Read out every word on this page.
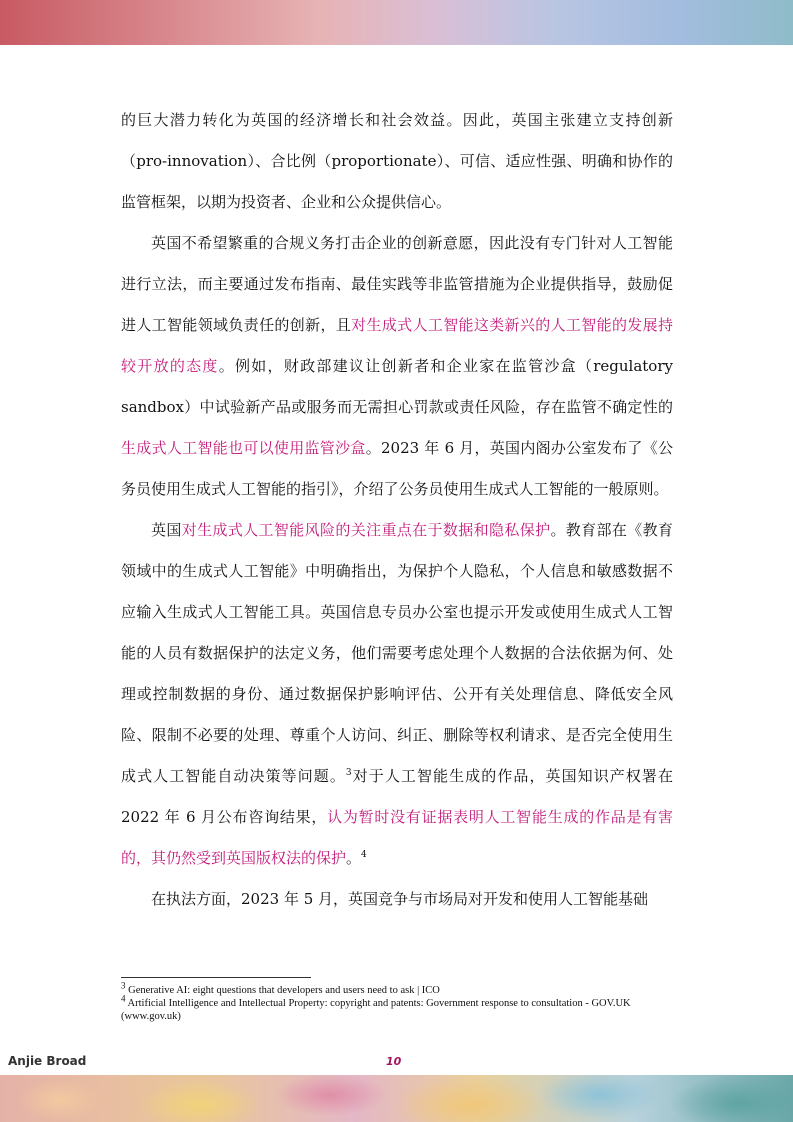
的巨大潜力转化为英国的经济增长和社会效益。因此，英国主张建立支持创新（pro-innovation）、合比例（proportionate）、可信、适应性强、明确和协作的监管框架，以期为投资者、企业和公众提供信心。

英国不希望繁重的合规义务打击企业的创新意愿，因此没有专门针对人工智能进行立法，而主要通过发布指南、最佳实践等非监管措施为企业提供指导，鼓励促进人工智能领域负责任的创新，且对生成式人工智能这类新兴的人工智能的发展持较开放的态度。例如，财政部建议让创新者和企业家在监管沙盒（regulatory sandbox）中试验新产品或服务而无需担心罚款或责任风险，存在监管不确定性的生成式人工智能也可以使用监管沙盒。2023 年 6 月，英国内阁办公室发布了《公务员使用生成式人工智能的指引》，介绍了公务员使用生成式人工智能的一般原则。

英国对生成式人工智能风险的关注重点在于数据和隐私保护。教育部在《教育领域中的生成式人工智能》中明确指出，为保护个人隐私，个人信息和敏感数据不应输入生成式人工智能工具。英国信息专员办公室也提示开发或使用生成式人工智能的人员有数据保护的法定义务，他们需要考虑处理个人数据的合法依据为何、处理或控制数据的身份、通过数据保护影响评估、公开有关处理信息、降低安全风险、限制不必要的处理、尊重个人访问、纠正、删除等权利请求、是否完全使用生成式人工智能自动决策等问题。$^3$对于人工智能生成的作品，英国知识产权署在 2022 年 6 月公布咨询结果，认为暂时没有证据表明人工智能生成的作品是有害的，其仍然受到英国版权法的保护。$^4$

在执法方面，2023 年 5 月，英国竞争与市场局对开发和使用人工智能基础

$^3$ Generative AI: eight questions that developers and users need to ask | ICO

$^4$ Artificial Intelligence and Intellectual Property: copyright and patents: Government response to consultation - GOV.UK (www.gov.uk)

Anjie Broad	10
